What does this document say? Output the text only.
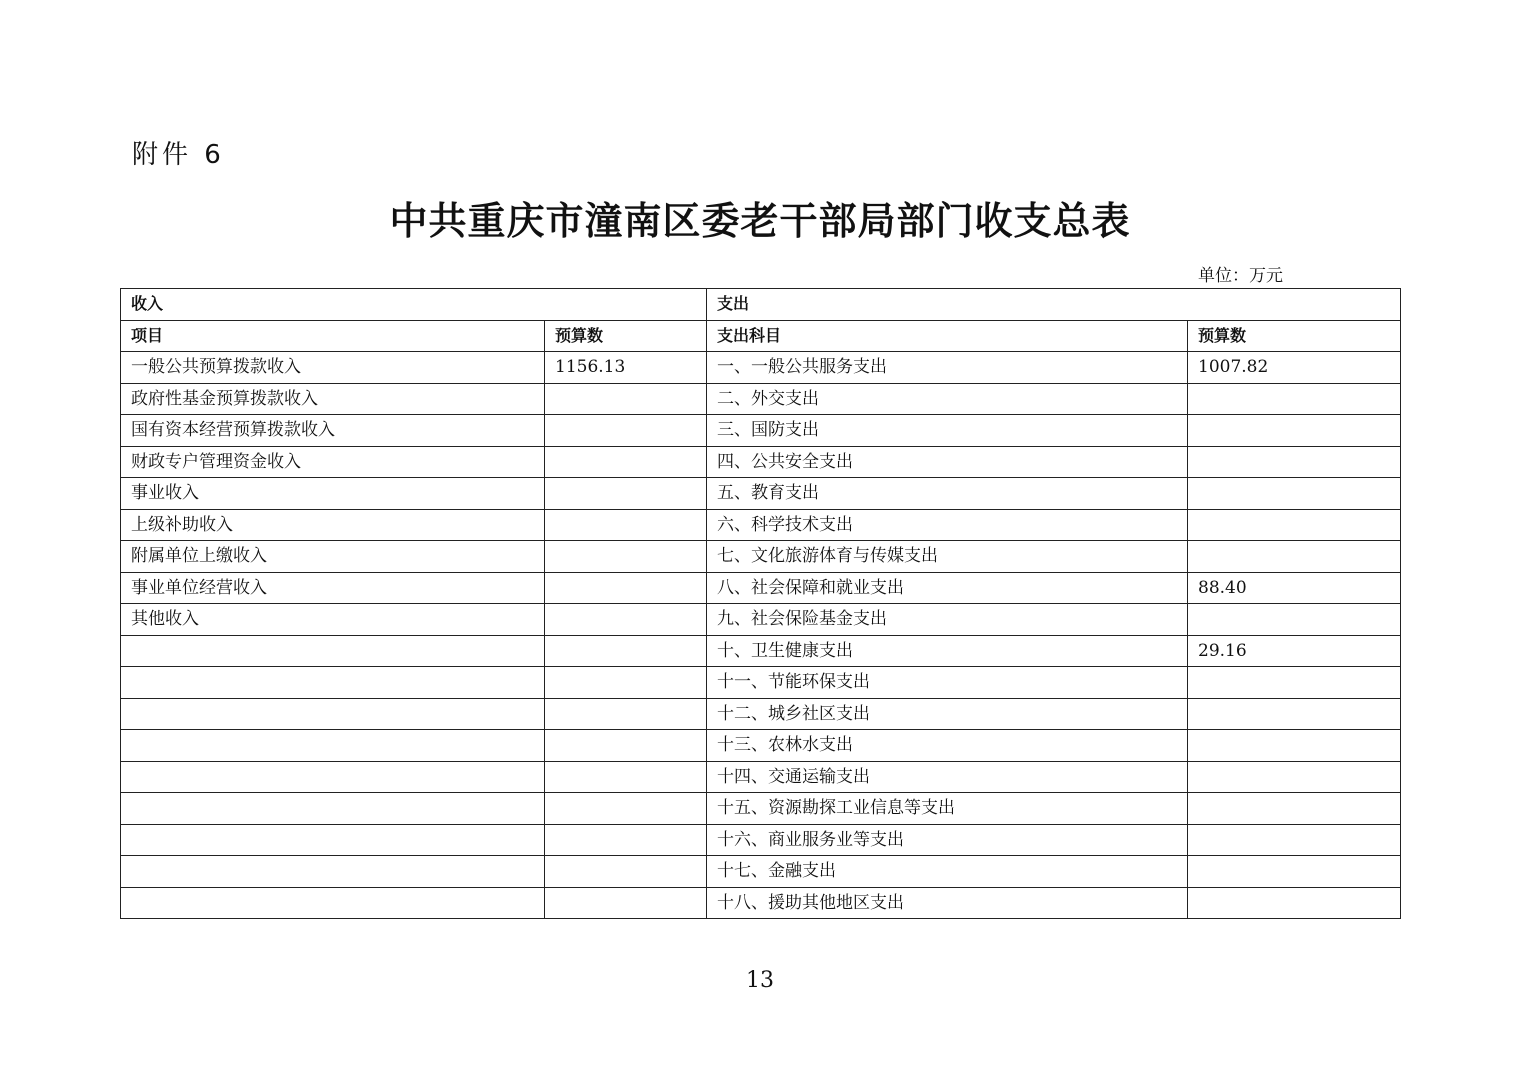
附件 6
中共重庆市潼南区委老干部局部门收支总表
单位：万元
收入		支出	
项目	预算数	支出科目	预算数
一般公共预算拨款收入	1156.13	一、一般公共服务支出	1007.82
政府性基金预算拨款收入		二、外交支出	
国有资本经营预算拨款收入		三、国防支出	
财政专户管理资金收入		四、公共安全支出	
事业收入		五、教育支出	
上级补助收入		六、科学技术支出	
附属单位上缴收入		七、文化旅游体育与传媒支出	
事业单位经营收入		八、社会保障和就业支出	88.40
其他收入		九、社会保险基金支出	
		十、卫生健康支出	29.16
		十一、节能环保支出	
		十二、城乡社区支出	
		十三、农林水支出	
		十四、交通运输支出	
		十五、资源勘探工业信息等支出	
		十六、商业服务业等支出	
		十七、金融支出	
		十八、援助其他地区支出	
13
